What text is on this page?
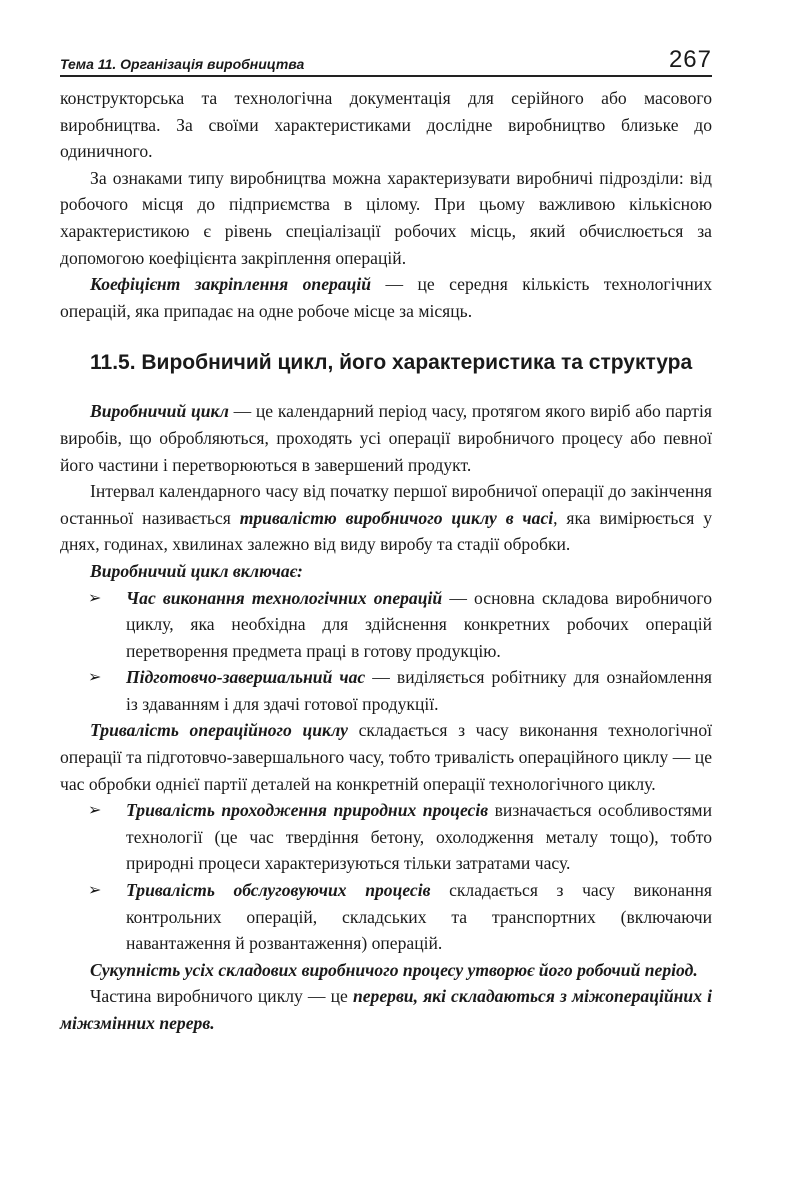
Тема 11. Організація виробництва	267

конструкторська та технологічна документація для серійного або масового виробництва. За своїми характеристиками дослідне виробництво близьке до одиничного.

За ознаками типу виробництва можна характеризувати виробничі підрозділи: від робочого місця до підприємства в цілому. При цьому важливою кількісною характеристикою є рівень спеціалізації робочих місць, який обчислюється за допомогою коефіцієнта закріплення операцій.

Коефіцієнт закріплення операцій — це середня кількість технологічних операцій, яка припадає на одне робоче місце за місяць.

11.5. Виробничий цикл, його характеристика та структура

Виробничий цикл — це календарний період часу, протягом якого виріб або партія виробів, що обробляються, проходять усі операції виробничого процесу або певної його частини і перетворюються в завершений продукт.

Інтервал календарного часу від початку першої виробничої операції до закінчення останньої називається тривалістю виробничого циклу в часі, яка вимірюється у днях, годинах, хвилинах залежно від виду виробу та стадії обробки.

Виробничий цикл включає:

➢ Час виконання технологічних операцій — основна складова виробничого циклу, яка необхідна для здійснення конкретних робочих операцій перетворення предмета праці в готову продукцію.
➢ Підготовчо-завершальний час — виділяється робітнику для ознайомлення із здаванням і для здачі готової продукції.

Тривалість операційного циклу складається з часу виконання технологічної операції та підготовчо-завершального часу, тобто тривалість операційного циклу — це час обробки однієї партії деталей на конкретній операції технологічного циклу.

➢ Тривалість проходження природних процесів визначається особливостями технології (це час твердіння бетону, охолодження металу тощо), тобто природні процеси характеризуються тільки затратами часу.
➢ Тривалість обслуговуючих процесів складається з часу виконання контрольних операцій, складських та транспортних (включаючи навантаження й розвантаження) операцій.

Сукупність усіх складових виробничого процесу утворює його робочий період.

Частина виробничого циклу — це перерви, які складаються з міжопераційних і міжзмінних перерв.
